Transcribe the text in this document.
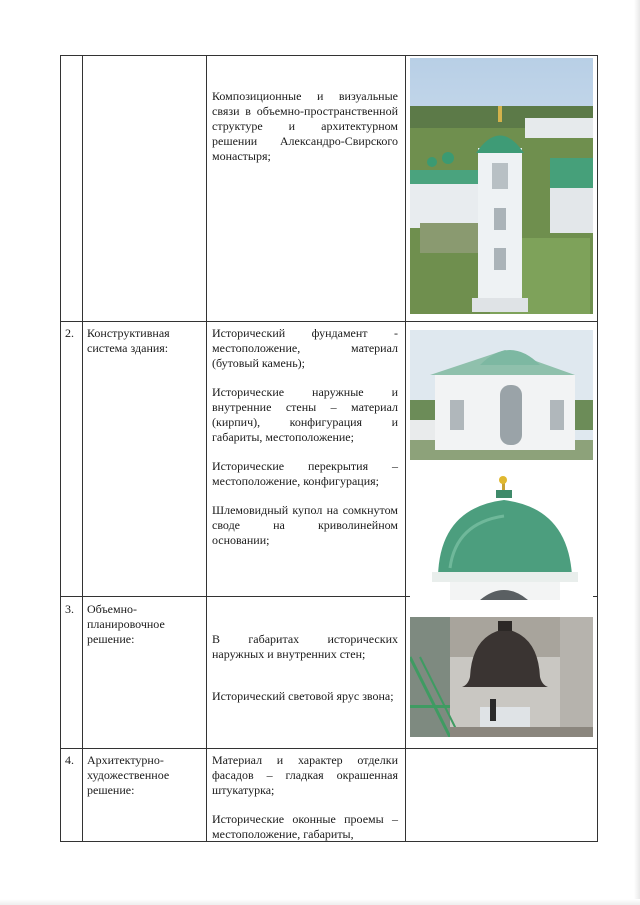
Композиционные и визуальные связи в объемно-пространственной структуре и архитектурном решении Александро-Свирского монастыря;

2. Конструктивная система здания:

Исторический фундамент - местоположение, материал (бутовый камень);

Исторические наружные и внутренние стены – материал (кирпич), конфигурация и габариты, местоположение;

Исторические перекрытия – местоположение, конфигурация;

Шлемовидный купол на сомкнутом своде на криволинейном основании;

3. Объемно-планировочное решение:	В габаритах исторических наружных и внутренних стен;

Исторический световой ярус звона;

4. Архитектурно-художественное решение:

Материал и характер отделки фасадов – гладкая окрашенная штукатурка;

Исторические оконные проемы – местоположение, габариты,
